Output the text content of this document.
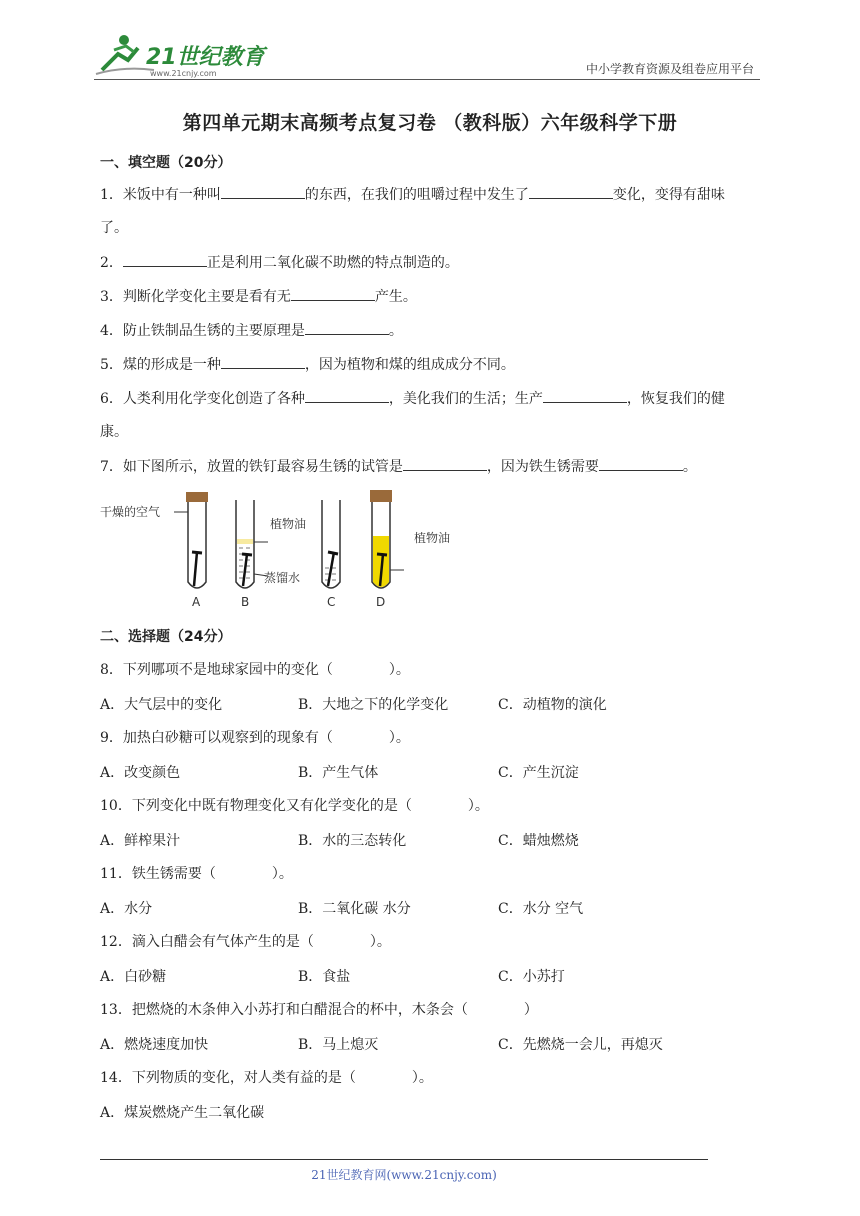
21世纪教育
www.21cnjy.com	中小学教育资源及组卷应用平台
第四单元期末高频考点复习卷 （教科版）六年级科学下册
一、填空题（20分）
1．米饭中有一种叫	的东西，在我们的咀嚼过程中发生了	变化，变得有甜味
了。
2．	正是利用二氧化碳不助燃的特点制造的。
3．判断化学变化主要是看有无	产生。
4．防止铁制品生锈的主要原理是	。
5．煤的形成是一种	，因为植物和煤的组成成分不同。
6．人类利用化学变化创造了各种	，美化我们的生活；生产	，恢复我们的健
康。
7．如下图所示，放置的铁钉最容易生锈的试管是	，因为铁生锈需要	。
干燥的空气
A
植物油
蒸馏水
B	C
植物油
D
二、选择题（24分）
8．下列哪项不是地球家园中的变化（　　　　）。
A．大气层中的变化	B．大地之下的化学变化	C．动植物的演化
9．加热白砂糖可以观察到的现象有（　　　　）。
A．改变颜色	B．产生气体	C．产生沉淀
10．下列变化中既有物理变化又有化学变化的是（　　　　）。
A．鲜榨果汁	B．水的三态转化	C．蜡烛燃烧
11．铁生锈需要（　　　　）。
A．水分	B．二氧化碳 水分	C．水分 空气
12．滴入白醋会有气体产生的是（　　　　）。
A．白砂糖	B．食盐	C．小苏打
13．把燃烧的木条伸入小苏打和白醋混合的杯中，木条会（　　　　）
A．燃烧速度加快	B．马上熄灭	C．先燃烧一会儿，再熄灭
14．下列物质的变化，对人类有益的是（　　　　）。
A．煤炭燃烧产生二氧化碳
21世纪教育网(www.21cnjy.com)
